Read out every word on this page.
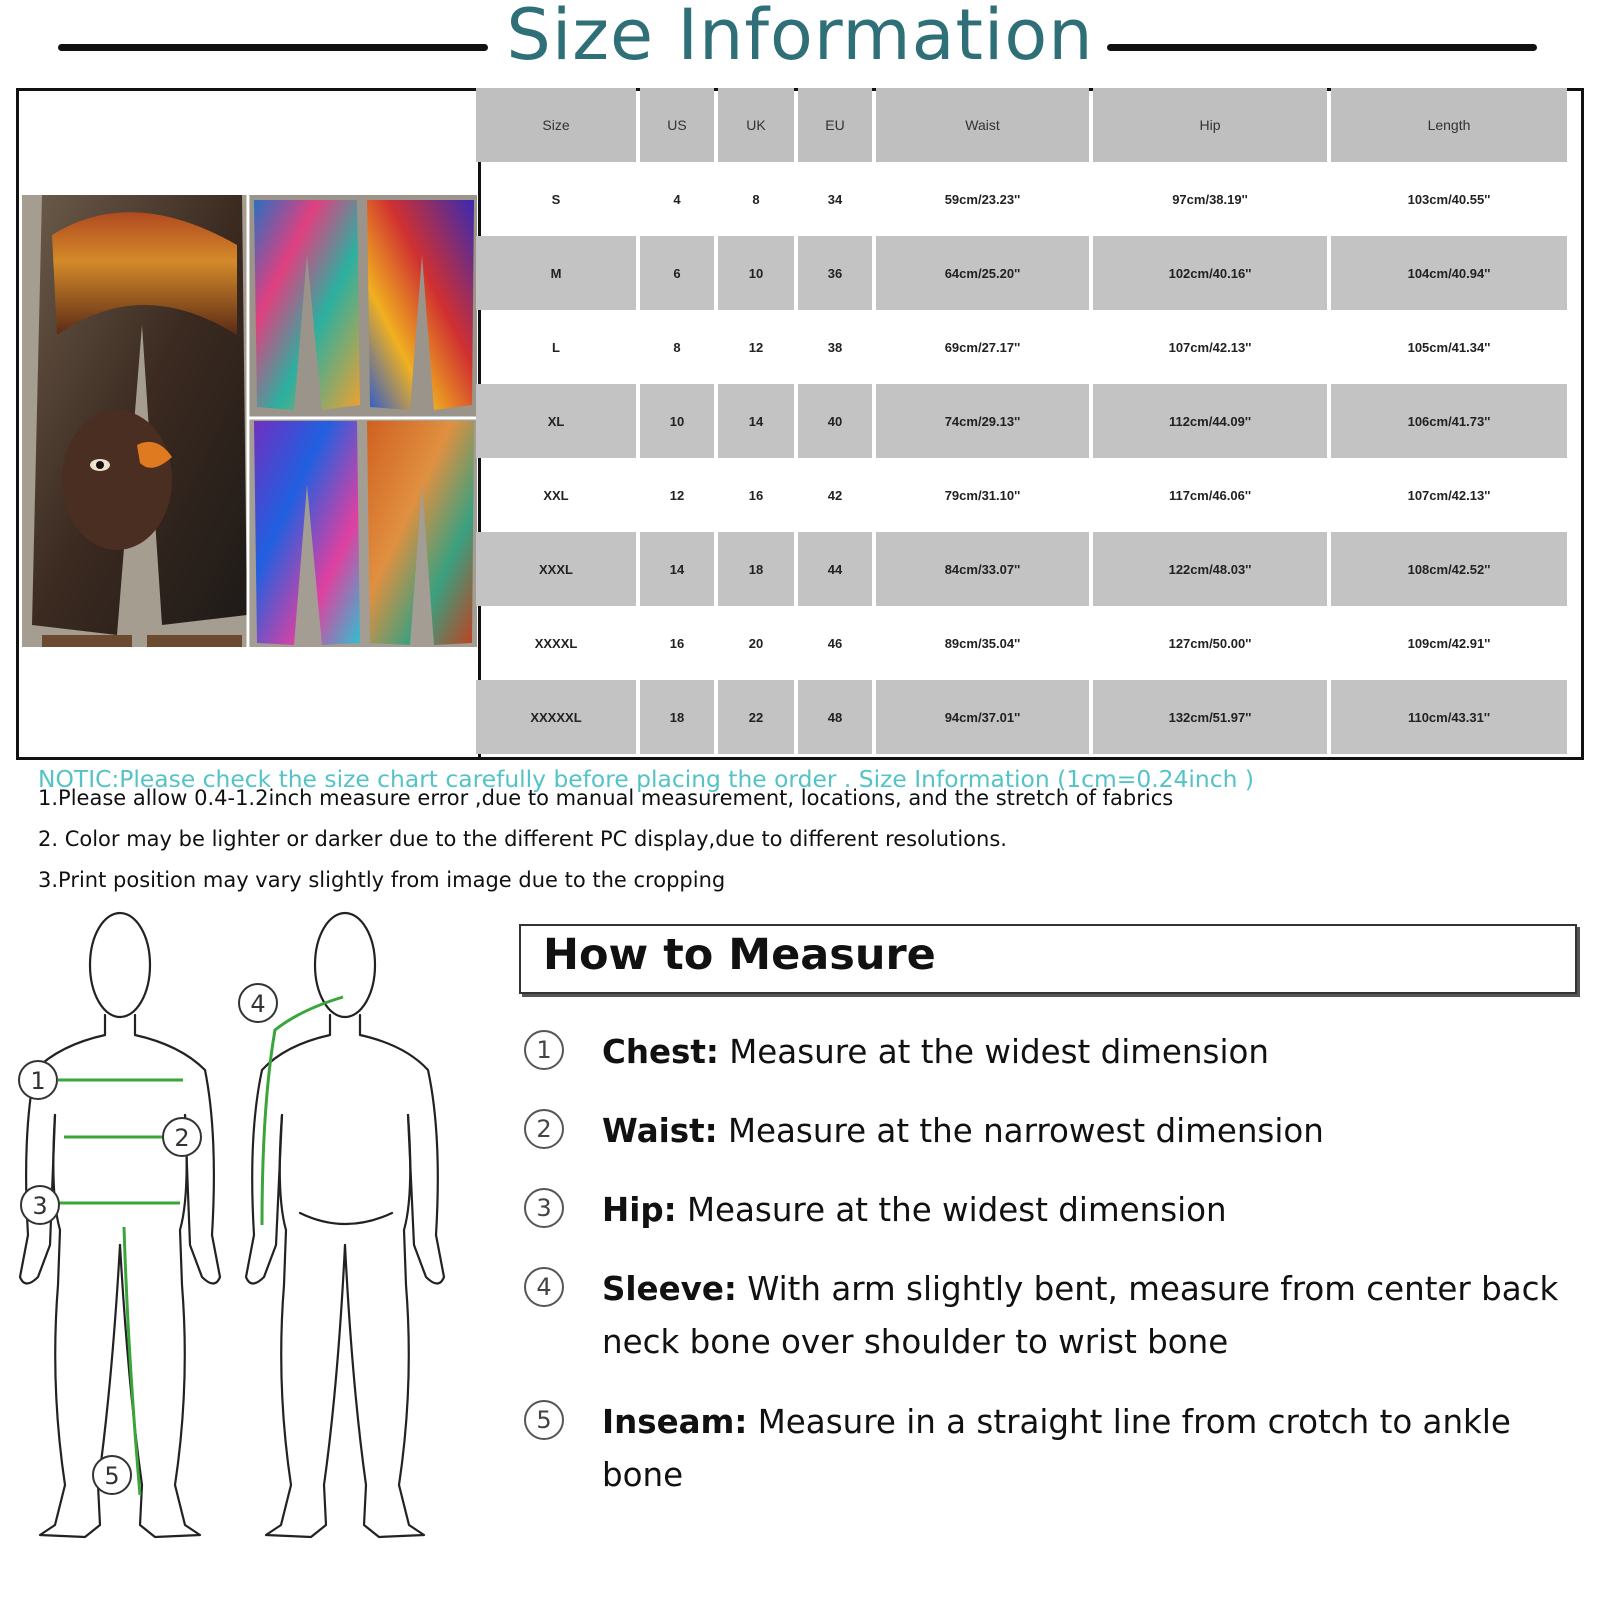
Size Information
Size	US	UK	EU	Waist	Hip	Length
S	4	8	34	59cm/23.23''	97cm/38.19''	103cm/40.55''
M	6	10	36	64cm/25.20''	102cm/40.16''	104cm/40.94''
L	8	12	38	69cm/27.17''	107cm/42.13''	105cm/41.34''
XL	10	14	40	74cm/29.13''	112cm/44.09''	106cm/41.73''
XXL	12	16	42	79cm/31.10''	117cm/46.06''	107cm/42.13''
XXXL	14	18	44	84cm/33.07''	122cm/48.03''	108cm/42.52''
XXXXL	16	20	46	89cm/35.04''	127cm/50.00''	109cm/42.91''
XXXXXL	18	22	48	94cm/37.01''	132cm/51.97''	110cm/43.31''

NOTIC:Please check the size chart carefully before placing the order . Size Information (1cm=0.24inch )

1.Please allow 0.4-1.2inch measure error ,due to manual measurement, locations, and the stretch of fabrics

2. Color may be lighter or darker due to the different PC display,due to different resolutions.

3.Print position may vary slightly from image due to the cropping

1
2
3
4
5
How to Measure
1	Chest: Measure at the widest dimension

2	Waist: Measure at the narrowest dimension

3	Hip: Measure at the widest dimension

4	Sleeve: With arm slightly bent, measure from center back neck bone over shoulder to wrist bone

5	Inseam: Measure in a straight line from crotch to ankle bone
